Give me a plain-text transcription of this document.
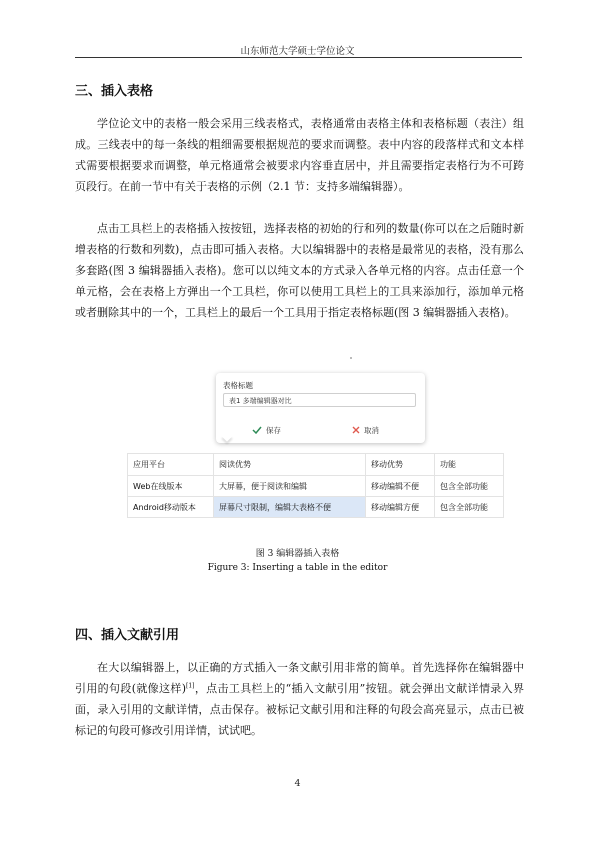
山东师范大学硕士学位论文
三、插入表格

学位论文中的表格一般会采用三线表格式，表格通常由表格主体和表格标题（表注）组成。三线表中的每一条线的粗细需要根据规范的要求而调整。表中内容的段落样式和文本样式需要根据要求而调整，单元格通常会被要求内容垂直居中，并且需要指定表格行为不可跨页段行。在前一节中有关于表格的示例（2.1 节：支持多端编辑器）。

点击工具栏上的表格插入按按钮，选择表格的初始的行和列的数量(你可以在之后随时新增表格的行数和列数)，点击即可插入表格。大以编辑器中的表格是最常见的表格，没有那么多套路(图 3 编辑器插入表格)。您可以以纯文本的方式录入各单元格的内容。点击任意一个单元格，会在表格上方弹出一个工具栏，你可以使用工具栏上的工具来添加行，添加单元格或者删除其中的一个，工具栏上的最后一个工具用于指定表格标题(图 3 编辑器插入表格)。

表格标题
表1 多端编辑器对比
保存	取消
应用平台	阅读优势	移动优势	功能
Web在线版本	大屏幕，便于阅读和编辑	移动编辑不便	包含全部功能
Android移动版本	屏幕尺寸限制，编辑大表格不便	移动编辑方便	包含全部功能

图 3 编辑器插入表格

Figure 3: Inserting a table in the editor

四、插入文献引用

在大以编辑器上，以正确的方式插入一条文献引用非常的简单。首先选择你在编辑器中引用的句段(就像这样)[1]，点击工具栏上的“插入文献引用”按钮。就会弹出文献详情录入界面，录入引用的文献详情，点击保存。被标记文献引用和注释的句段会高亮显示，点击已被标记的句段可修改引用详情，试试吧。

4
